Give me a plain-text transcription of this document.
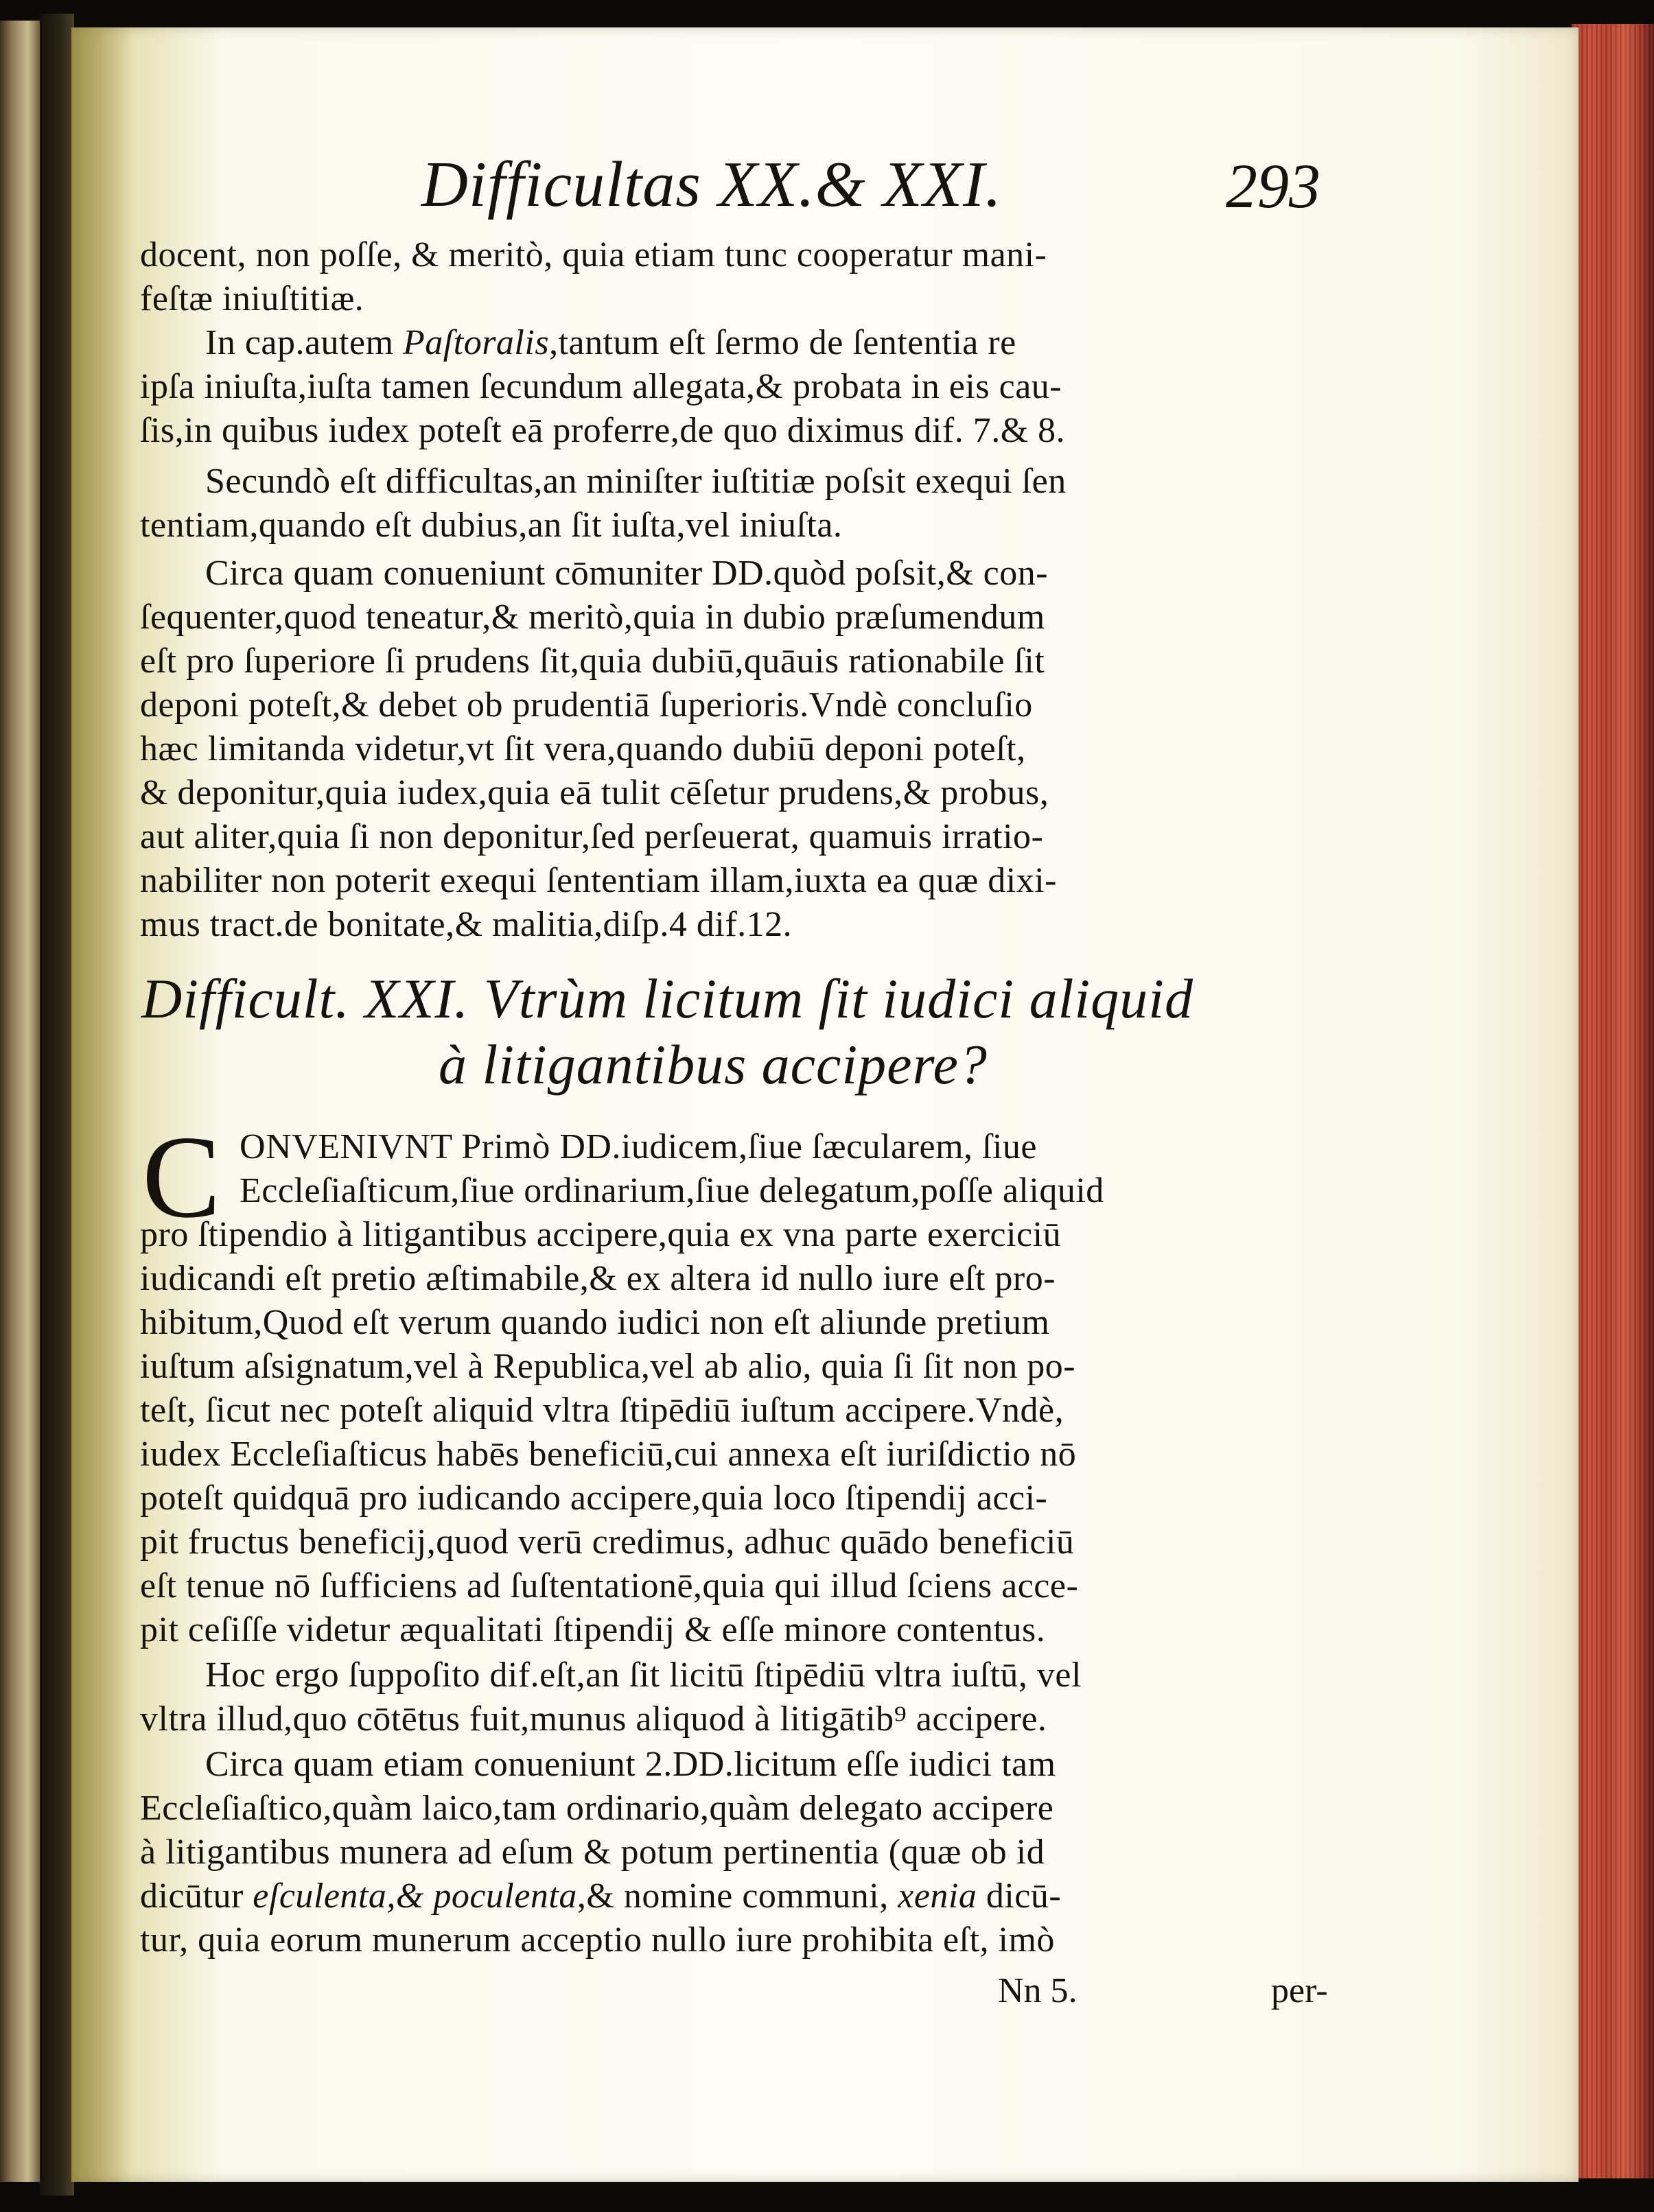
Difficultas XX.& XXI.	293
docent, non poſſe, & meritò, quia etiam tunc cooperatur mani-
feſtæ iniuſtitiæ.
In cap.autem Paſtoralis,tantum eſt ſermo de ſententia re
ipſa iniuſta,iuſta tamen ſecundum allegata,& probata in eis cau-
ſis,in quibus iudex poteſt eā proferre,de quo diximus dif. 7.& 8.
Secundò eſt difficultas,an miniſter iuſtitiæ poſsit exequi ſen
tentiam,quando eſt dubius,an ſit iuſta,vel iniuſta.
Circa quam conueniunt cōmuniter DD.quòd poſsit,& con-
ſequenter,quod teneatur,& meritò,quia in dubio præſumendum
eſt pro ſuperiore ſi prudens ſit,quia dubiū,quāuis rationabile ſit
deponi poteſt,& debet ob prudentiā ſuperioris.Vndè concluſio
hæc limitanda videtur,vt ſit vera,quando dubiū deponi poteſt,
& deponitur,quia iudex,quia eā tulit cēſetur prudens,& probus,
aut aliter,quia ſi non deponitur,ſed perſeuerat, quamuis irratio-
nabiliter non poterit exequi ſententiam illam,iuxta ea quæ dixi-
mus tract.de bonitate,& malitia,diſp.4 dif.12.
Difficult. XXI. Vtrùm licitum ſit iudici aliquid
à litigantibus accipere?
C ONVENIVNT Primò DD.iudicem,ſiue ſæcularem, ſiue
Eccleſiaſticum,ſiue ordinarium,ſiue delegatum,poſſe aliquid
pro ſtipendio à litigantibus accipere,quia ex vna parte exerciciū
iudicandi eſt pretio æſtimabile,& ex altera id nullo iure eſt pro-
hibitum,Quod eſt verum quando iudici non eſt aliunde pretium
iuſtum aſsignatum,vel à Republica,vel ab alio, quia ſi ſit non po-
teſt, ſicut nec poteſt aliquid vltra ſtipēdiū iuſtum accipere.Vndè,
iudex Eccleſiaſticus habēs beneficiū,cui annexa eſt iuriſdictio nō
poteſt quidquā pro iudicando accipere,quia loco ſtipendij acci-
pit fructus beneficij,quod verū credimus, adhuc quādo beneficiū
eſt tenue nō ſufficiens ad ſuſtentationē,quia qui illud ſciens acce-
pit ceſiſſe videtur æqualitati ſtipendij & eſſe minore contentus.
Hoc ergo ſuppoſito dif.eſt,an ſit licitū ſtipēdiū vltra iuſtū, vel
vltra illud,quo cōtētus fuit,munus aliquod à litigātib⁹ accipere.
Circa quam etiam conueniunt 2.DD.licitum eſſe iudici tam
Eccleſiaſtico,quàm laico,tam ordinario,quàm delegato accipere
à litigantibus munera ad eſum & potum pertinentia (quæ ob id
dicūtur eſculenta,& poculenta,& nomine communi, xenia dicū-
tur, quia eorum munerum acceptio nullo iure prohibita eſt, imò
Nn 5.	per-
